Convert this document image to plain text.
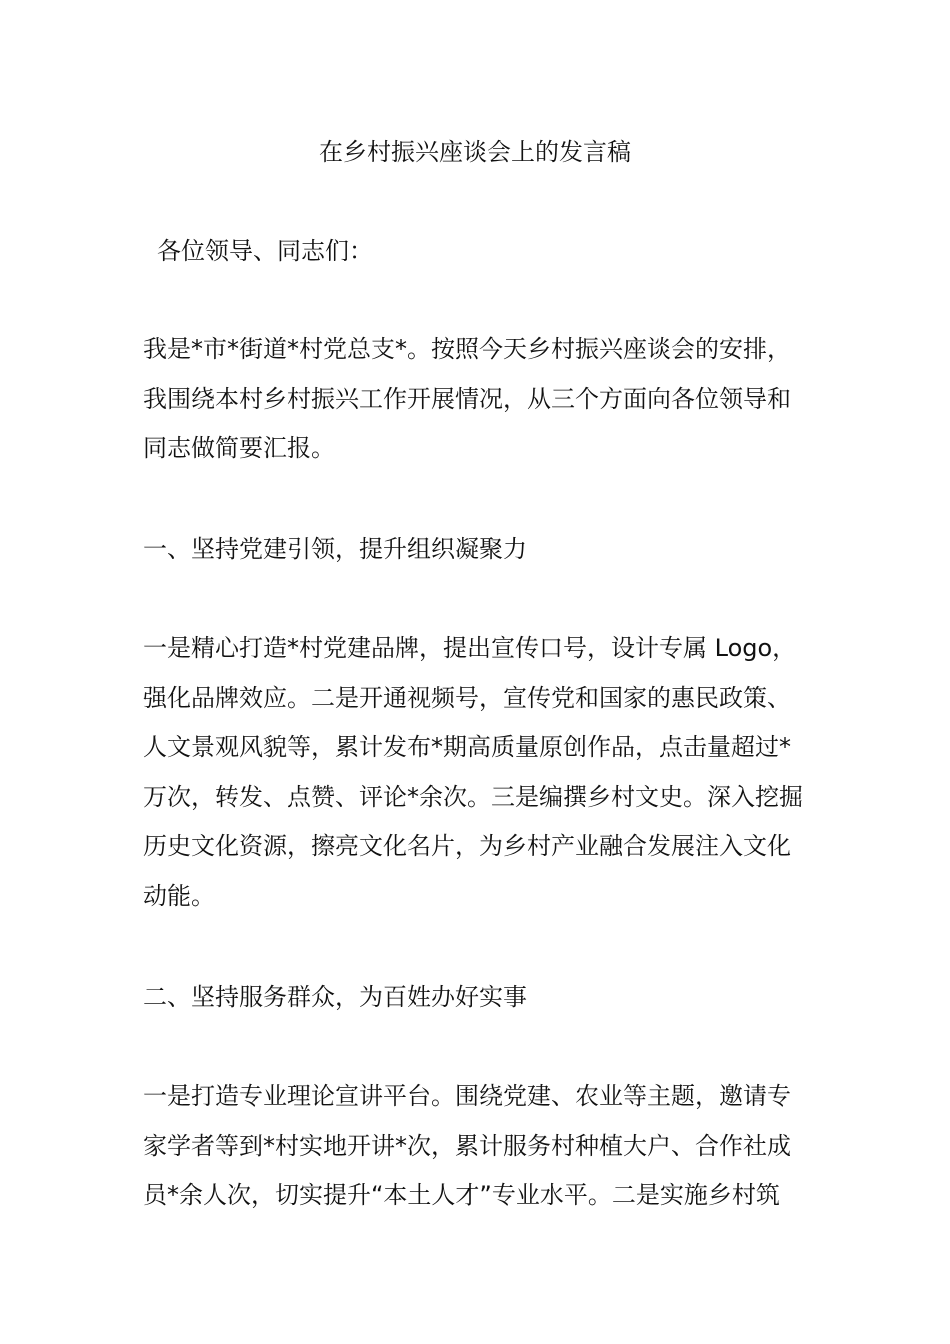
在乡村振兴座谈会上的发言稿
各位领导、同志们：
我是*市*街道*村党总支*。按照今天乡村振兴座谈会的安排，
我围绕本村乡村振兴工作开展情况，从三个方面向各位领导和
同志做简要汇报。
一、坚持党建引领，提升组织凝聚力
一是精心打造*村党建品牌，提出宣传口号，设计专属 Logo，
强化品牌效应。二是开通视频号，宣传党和国家的惠民政策、
人文景观风貌等，累计发布*期高质量原创作品，点击量超过*
万次，转发、点赞、评论*余次。三是编撰乡村文史。深入挖掘
历史文化资源，擦亮文化名片，为乡村产业融合发展注入文化
动能。
二、坚持服务群众，为百姓办好实事
一是打造专业理论宣讲平台。围绕党建、农业等主题，邀请专
家学者等到*村实地开讲*次，累计服务村种植大户、合作社成
员*余人次，切实提升“本土人才”专业水平。二是实施乡村筑
